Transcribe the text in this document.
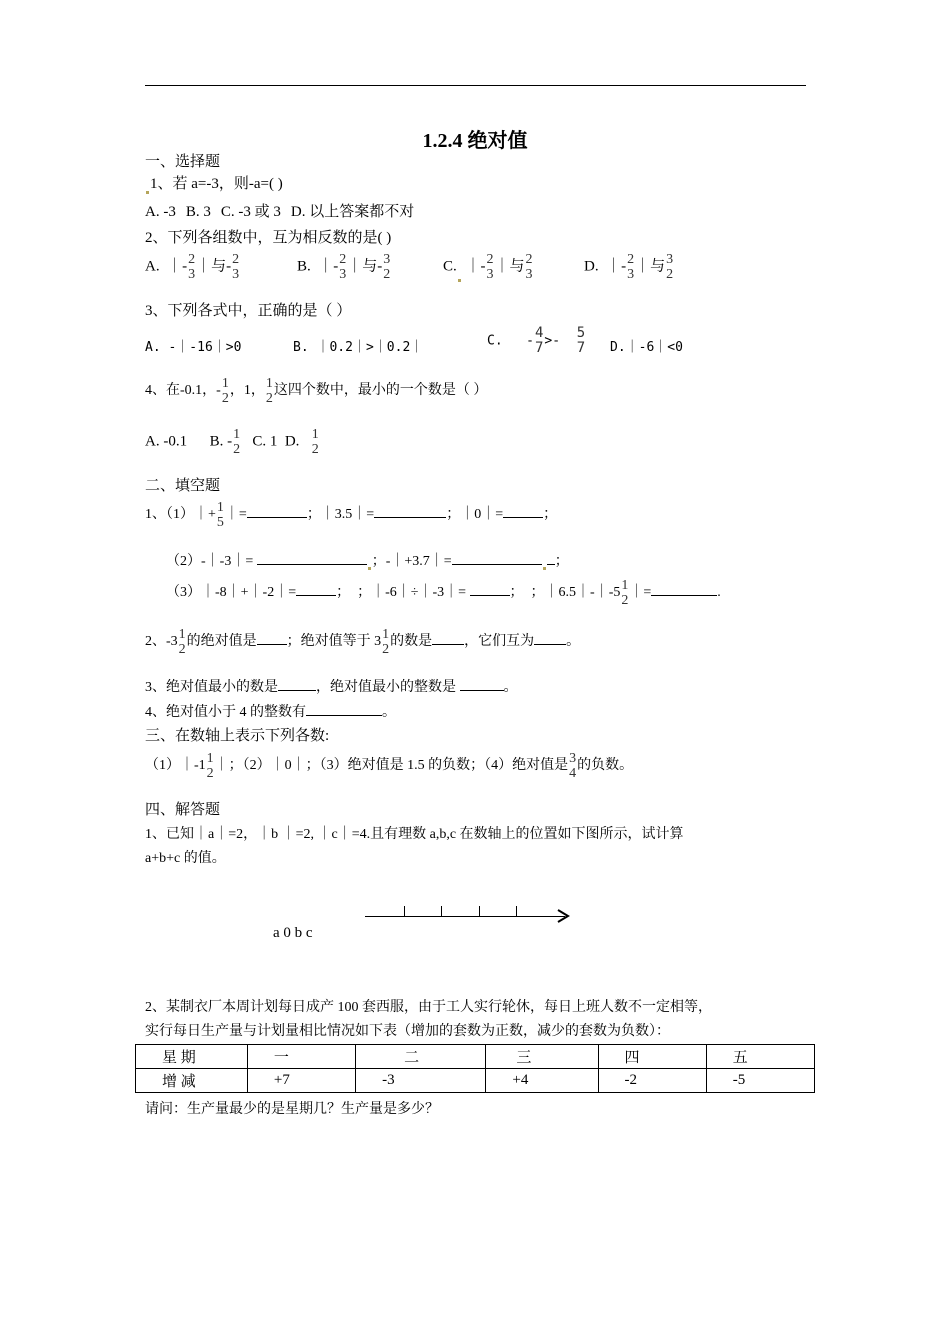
1.2.4 绝对值
一、选择题
1、若 a=-3，则-a=( )
A. -3 B. 3 C. -3 或 3 D. 以上答案都不对
2、下列各组数中，互为相反数的是( )
A. ｜- 2
3
｜与- 2
3
B. ｜- 2
3
｜与- 3
2
C. ｜- 2
3
｜与 2
3
D. ｜- 2
3
｜与 3
2
3、下列各式中，正确的是（ ）
A. -｜-16｜>0	B. ｜0.2｜>｜0.2｜	C.   - 4
7 >- 5
7 D.｜-6｜<0
4、在-0.1，- 1
2
，1， 1
2
这四个数中，最小的一个数是（ ）
A. -0.1 B. - 1
2
C. 1 D. 1
2
二、填空题
1、（1）｜+ 1
5
｜=	；｜3.5｜=	；｜0｜=	；
（2）-｜-3｜=	；-｜+3.7｜=	；
（3）｜-8｜+｜-2｜=	；  ；｜-6｜÷｜-3｜=	；  ；｜6.5｜-｜-5 1
2
｜=	.
2、-3 1
2
的绝对值是 ；绝对值等于 3 1
2
的数是 ，它们互为 。
3、绝对值最小的数是	，绝对值最小的整数是	。
4、绝对值小于 4 的整数有	。
三、在数轴上表示下列各数:
（1）｜-1 1
2
｜；（2）｜0｜；（3）绝对值是 1.5 的负数；（4）绝对值是 3
4
的负数。
四、解答题
1、已知｜a｜=2，｜b ｜=2, ｜c｜=4.且有理数 a,b,c 在数轴上的位置如下图所示，试计算
a+b+c 的值。
a 0 b c
2、某制衣厂本周计划每日成产 100 套西服，由于工人实行轮休，每日上班人数不一定相等，
实行每日生产量与计划量相比情况如下表（增加的套数为正数，减少的套数为负数）：
星 期	一	二	三	四	五
增 减	+7	-3	+4	-2	-5
请问：生产量最少的是星期几？生产量是多少？
